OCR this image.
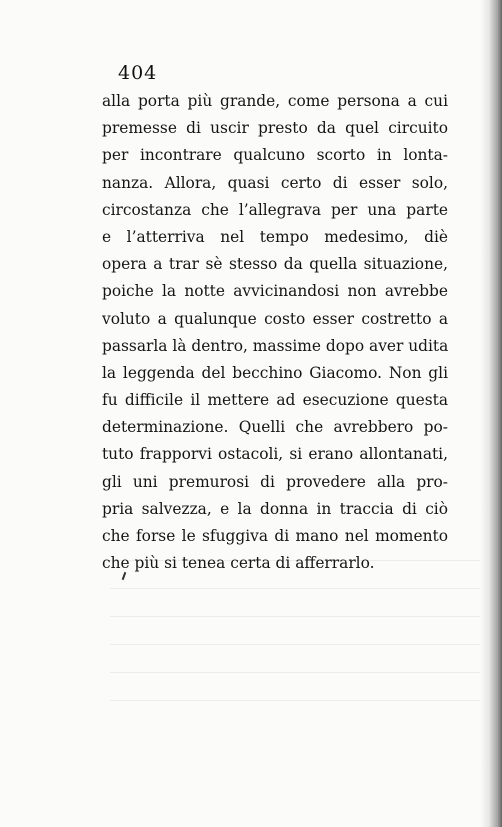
404
alla porta più grande, come persona a cui
premesse di uscir presto da quel circuito
per incontrare qualcuno scorto in lonta-
nanza. Allora, quasi certo di esser solo,
circostanza che l’allegrava per una parte
e l’atterriva nel tempo medesimo, diè
opera a trar sè stesso da quella situazione,
poiche la notte avvicinandosi non avrebbe
voluto a qualunque costo esser costretto a
passarla là dentro, massime dopo aver udita
la leggenda del becchino Giacomo. Non gli
fu difficile il mettere ad esecuzione questa
determinazione. Quelli che avrebbero po-
tuto frapporvi ostacoli, si erano allontanati,
gli uni premurosi di provedere alla pro-
pria salvezza, e la donna in traccia di ciò
che forse le sfuggiva di mano nel momento
che più si tenea certa di afferrarlo.
